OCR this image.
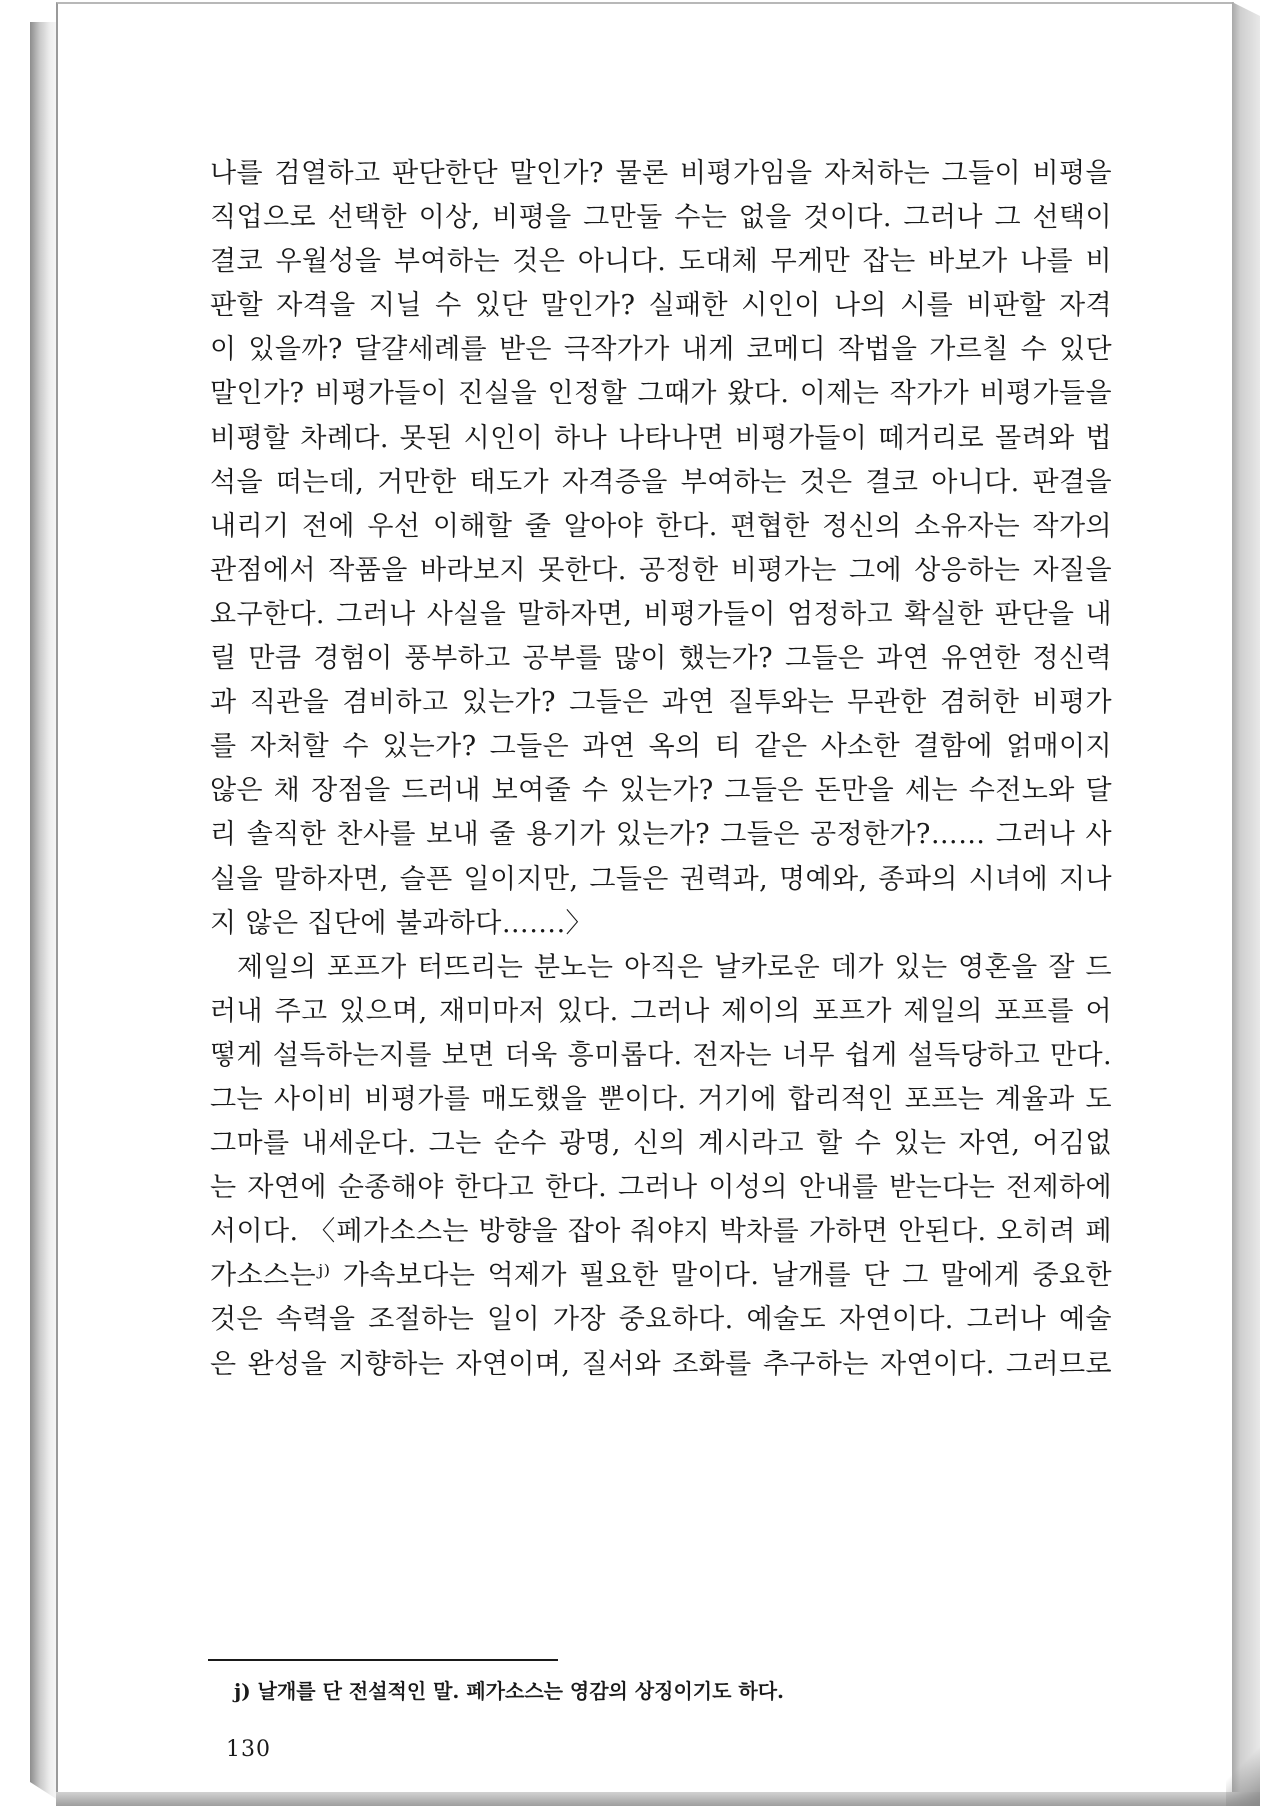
나를 검열하고 판단한단 말인가? 물론 비평가임을 자처하는 그들이 비평을
직업으로 선택한 이상, 비평을 그만둘 수는 없을 것이다. 그러나 그 선택이
결코 우월성을 부여하는 것은 아니다. 도대체 무게만 잡는 바보가 나를 비
판할 자격을 지닐 수 있단 말인가? 실패한 시인이 나의 시를 비판할 자격
이 있을까? 달걀세례를 받은 극작가가 내게 코메디 작법을 가르칠 수 있단
말인가? 비평가들이 진실을 인정할 그때가 왔다. 이제는 작가가 비평가들을
비평할 차례다. 못된 시인이 하나 나타나면 비평가들이 떼거리로 몰려와 법
석을 떠는데, 거만한 태도가 자격증을 부여하는 것은 결코 아니다. 판결을
내리기 전에 우선 이해할 줄 알아야 한다. 편협한 정신의 소유자는 작가의
관점에서 작품을 바라보지 못한다. 공정한 비평가는 그에 상응하는 자질을
요구한다. 그러나 사실을 말하자면, 비평가들이 엄정하고 확실한 판단을 내
릴 만큼 경험이 풍부하고 공부를 많이 했는가? 그들은 과연 유연한 정신력
과 직관을 겸비하고 있는가? 그들은 과연 질투와는 무관한 겸허한 비평가
를 자처할 수 있는가? 그들은 과연 옥의 티 같은 사소한 결함에 얽매이지
않은 채 장점을 드러내 보여줄 수 있는가? 그들은 돈만을 세는 수전노와 달
리 솔직한 찬사를 보내 줄 용기가 있는가? 그들은 공정한가?…… 그러나 사
실을 말하자면, 슬픈 일이지만, 그들은 권력과, 명예와, 종파의 시녀에 지나
지 않은 집단에 불과하다…….〉
제일의 포프가 터뜨리는 분노는 아직은 날카로운 데가 있는 영혼을 잘 드
러내 주고 있으며, 재미마저 있다. 그러나 제이의 포프가 제일의 포프를 어
떻게 설득하는지를 보면 더욱 흥미롭다. 전자는 너무 쉽게 설득당하고 만다.
그는 사이비 비평가를 매도했을 뿐이다. 거기에 합리적인 포프는 계율과 도
그마를 내세운다. 그는 순수 광명, 신의 계시라고 할 수 있는 자연, 어김없
는 자연에 순종해야 한다고 한다. 그러나 이성의 안내를 받는다는 전제하에
서이다. 〈페가소스는 방향을 잡아 줘야지 박차를 가하면 안된다. 오히려 페
가소스는ʲ⁾ 가속보다는 억제가 필요한 말이다. 날개를 단 그 말에게 중요한
것은 속력을 조절하는 일이 가장 중요하다. 예술도 자연이다. 그러나 예술
은 완성을 지향하는 자연이며, 질서와 조화를 추구하는 자연이다. 그러므로
j) 날개를 단 전설적인 말. 페가소스는 영감의 상징이기도 하다.
130
